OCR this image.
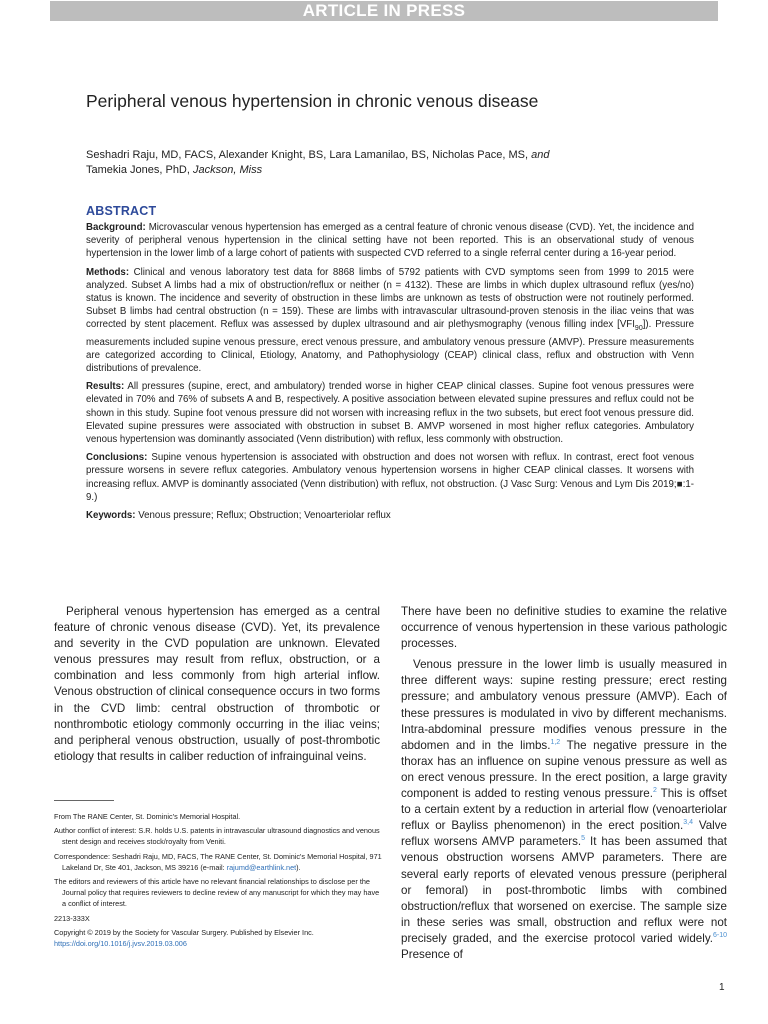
ARTICLE IN PRESS
Peripheral venous hypertension in chronic venous disease
Seshadri Raju, MD, FACS, Alexander Knight, BS, Lara Lamanilao, BS, Nicholas Pace, MS, and
Tamekia Jones, PhD, Jackson, Miss
ABSTRACT

Background: Microvascular venous hypertension has emerged as a central feature of chronic venous disease (CVD). Yet, the incidence and severity of peripheral venous hypertension in the clinical setting have not been reported. This is an observational study of venous hypertension in the lower limb of a large cohort of patients with suspected CVD referred to a single referral center during a 16-year period.

Methods: Clinical and venous laboratory test data for 8868 limbs of 5792 patients with CVD symptoms seen from 1999 to 2015 were analyzed. Subset A limbs had a mix of obstruction/reflux or neither (n = 4132). These are limbs in which duplex ultrasound reflux (yes/no) status is known. The incidence and severity of obstruction in these limbs are unknown as tests of obstruction were not routinely performed. Subset B limbs had central obstruction (n = 159). These are limbs with intravascular ultrasound-proven stenosis in the iliac veins that was corrected by stent placement. Reflux was assessed by duplex ultrasound and air plethysmography (venous filling index $[VFI_{90}]$). Pressure measurements included supine venous pressure, erect venous pressure, and ambulatory venous pressure (AMVP). Pressure measurements are categorized according to Clinical, Etiology, Anatomy, and Pathophysiology (CEAP) clinical class, reflux and obstruction with Venn distributions of prevalence.

Results: All pressures (supine, erect, and ambulatory) trended worse in higher CEAP clinical classes. Supine foot venous pressures were elevated in 70% and 76% of subsets A and B, respectively. A positive association between elevated supine pressures and reflux could not be shown in this study. Supine foot venous pressure did not worsen with increasing reflux in the two subsets, but erect foot venous pressure did. Elevated supine pressures were associated with obstruction in subset B. AMVP worsened in most higher reflux categories. Ambulatory venous hypertension was dominantly associated (Venn distribution) with reflux, less commonly with obstruction.

Conclusions: Supine venous hypertension is associated with obstruction and does not worsen with reflux. In contrast, erect foot venous pressure worsens in severe reflux categories. Ambulatory venous hypertension worsens in higher CEAP clinical classes. It worsens with increasing reflux. AMVP is dominantly associated (Venn distribution) with reflux, not obstruction. (J Vasc Surg: Venous and Lym Dis 2019;■:1-9.)

Keywords: Venous pressure; Reflux; Obstruction; Venoarteriolar reflux

Peripheral venous hypertension has emerged as a central feature of chronic venous disease (CVD). Yet, its prevalence and severity in the CVD population are unknown. Elevated venous pressures may result from reflux, obstruction, or a combination and less commonly from high arterial inflow. Venous obstruction of clinical consequence occurs in two forms in the CVD limb: central obstruction of thrombotic or nonthrombotic etiology commonly occurring in the iliac veins; and peripheral venous obstruction, usually of post-thrombotic etiology that results in caliber reduction of infrainguinal veins.

There have been no definitive studies to examine the relative occurrence of venous hypertension in these various pathologic processes.

Venous pressure in the lower limb is usually measured in three different ways: supine resting pressure; erect resting pressure; and ambulatory venous pressure (AMVP). Each of these pressures is modulated in vivo by different mechanisms. Intra-abdominal pressure modifies venous pressure in the abdomen and in the limbs.$^{1,2}$ The negative pressure in the thorax has an influence on supine venous pressure as well as on erect venous pressure. In the erect position, a large gravity component is added to resting venous pressure.$^2$ This is offset to a certain extent by a reduction in arterial flow (venoarteriolar reflux or Bayliss phenomenon) in the erect position.$^{3,4}$ Valve reflux worsens AMVP parameters.$^5$ It has been assumed that venous obstruction worsens AMVP parameters. There are several early reports of elevated venous pressure (peripheral or femoral) in post-thrombotic limbs with combined obstruction/reflux that worsened on exercise. The sample size in these series was small, obstruction and reflux were not precisely graded, and the exercise protocol varied widely.$^{6-10}$ Presence of

From The RANE Center, St. Dominic's Memorial Hospital.

Author conflict of interest: S.R. holds U.S. patents in intravascular ultrasound diagnostics and venous stent design and receives stock/royalty from Veniti.

Correspondence: Seshadri Raju, MD, FACS, The RANE Center, St. Dominic's Memorial Hospital, 971 Lakeland Dr, Ste 401, Jackson, MS 39216 (e-mail: rajumd@earthlink.net).

The editors and reviewers of this article have no relevant financial relationships to disclose per the Journal policy that requires reviewers to decline review of any manuscript for which they may have a conflict of interest.

2213-333X

Copyright © 2019 by the Society for Vascular Surgery. Published by Elsevier Inc.

https://doi.org/10.1016/j.jvsv.2019.03.006

1
